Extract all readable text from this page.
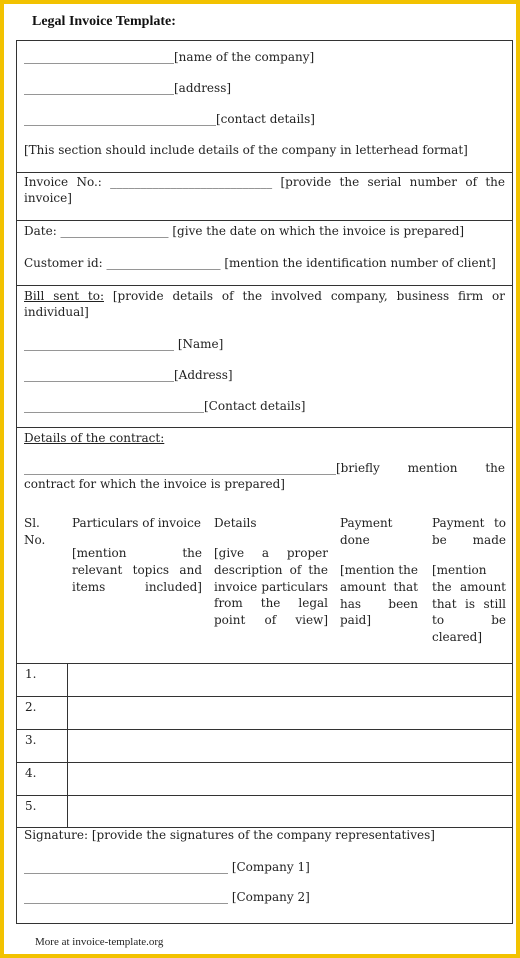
Legal Invoice Template:
_________________________[name of the company]
_________________________[address]
________________________________[contact details]
[This section should include details of the company in letterhead format]
Invoice No.: ___________________________ [provide the serial number of the invoice]
Date: __________________ [give the date on which the invoice is prepared]
Customer id: ___________________ [mention the identification number of client]
Bill sent to: [provide details of the involved company, business firm or individual]
_________________________ [Name]
_________________________[Address]
______________________________[Contact details]
Details of the contract:
____________________________________________________[briefly mention the contract for which the invoice is prepared]
Sl. No.
Particulars of invoice
[mention the relevant topics and items included]
Details
[give a proper description of the invoice particulars from the legal point of view]
Payment done
[mention the amount that has been paid]
Payment to be made
[mention the amount that is still to be cleared]
1.
2.
3.
4.
5.
Signature: [provide the signatures of the company representatives]
__________________________________ [Company 1]
__________________________________ [Company 2]
More at invoice-template.org
